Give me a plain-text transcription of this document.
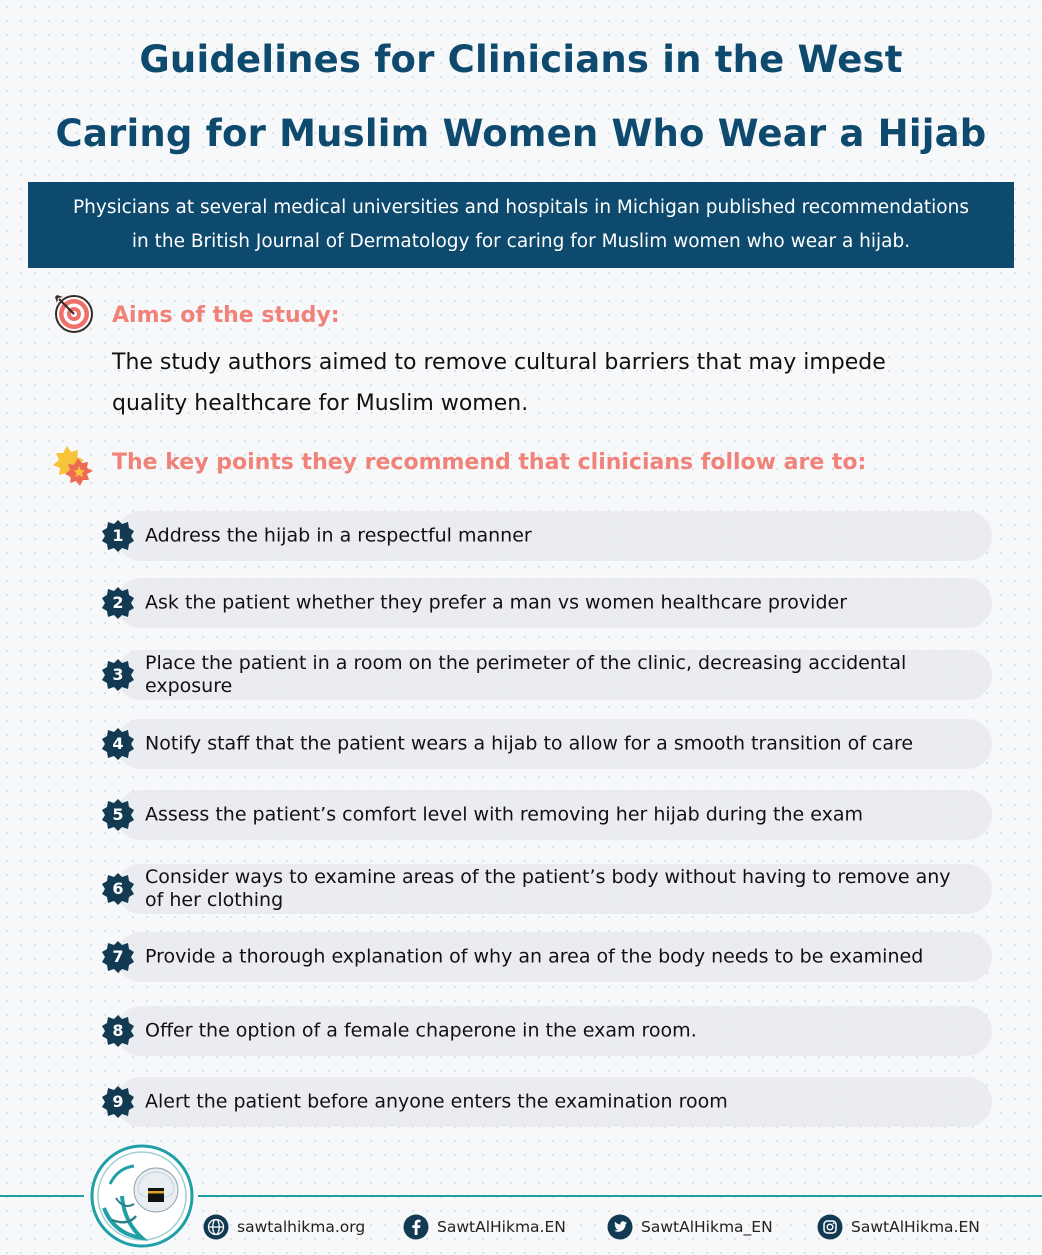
Guidelines for Clinicians in the West
Caring for Muslim Women Who Wear a Hijab
Physicians at several medical universities and hospitals in Michigan published recommendations
in the British Journal of Dermatology for caring for Muslim women who wear a hijab.
Aims of the study:
The study authors aimed to remove cultural barriers that may impede
quality healthcare for Muslim women.
The key points they recommend that clinicians follow are to:
1	Address the hijab in a respectful manner
2	Ask the patient whether they prefer a man vs women healthcare provider
3
Place the patient in a room on the perimeter of the clinic, decreasing accidental exposure
4	Notify staff that the patient wears a hijab to allow for a smooth transition of care
5	Assess the patient’s comfort level with removing her hijab during the exam
6
Consider ways to examine areas of the patient’s body without having to remove any of her clothing
7	Provide a thorough explanation of why an area of the body needs to be examined
8	Offer the option of a female chaperone in the exam room.
9	Alert the patient before anyone enters the examination room
sawtalhikma.org	SawtAlHikma.EN	SawtAlHikma_EN	SawtAlHikma.EN
